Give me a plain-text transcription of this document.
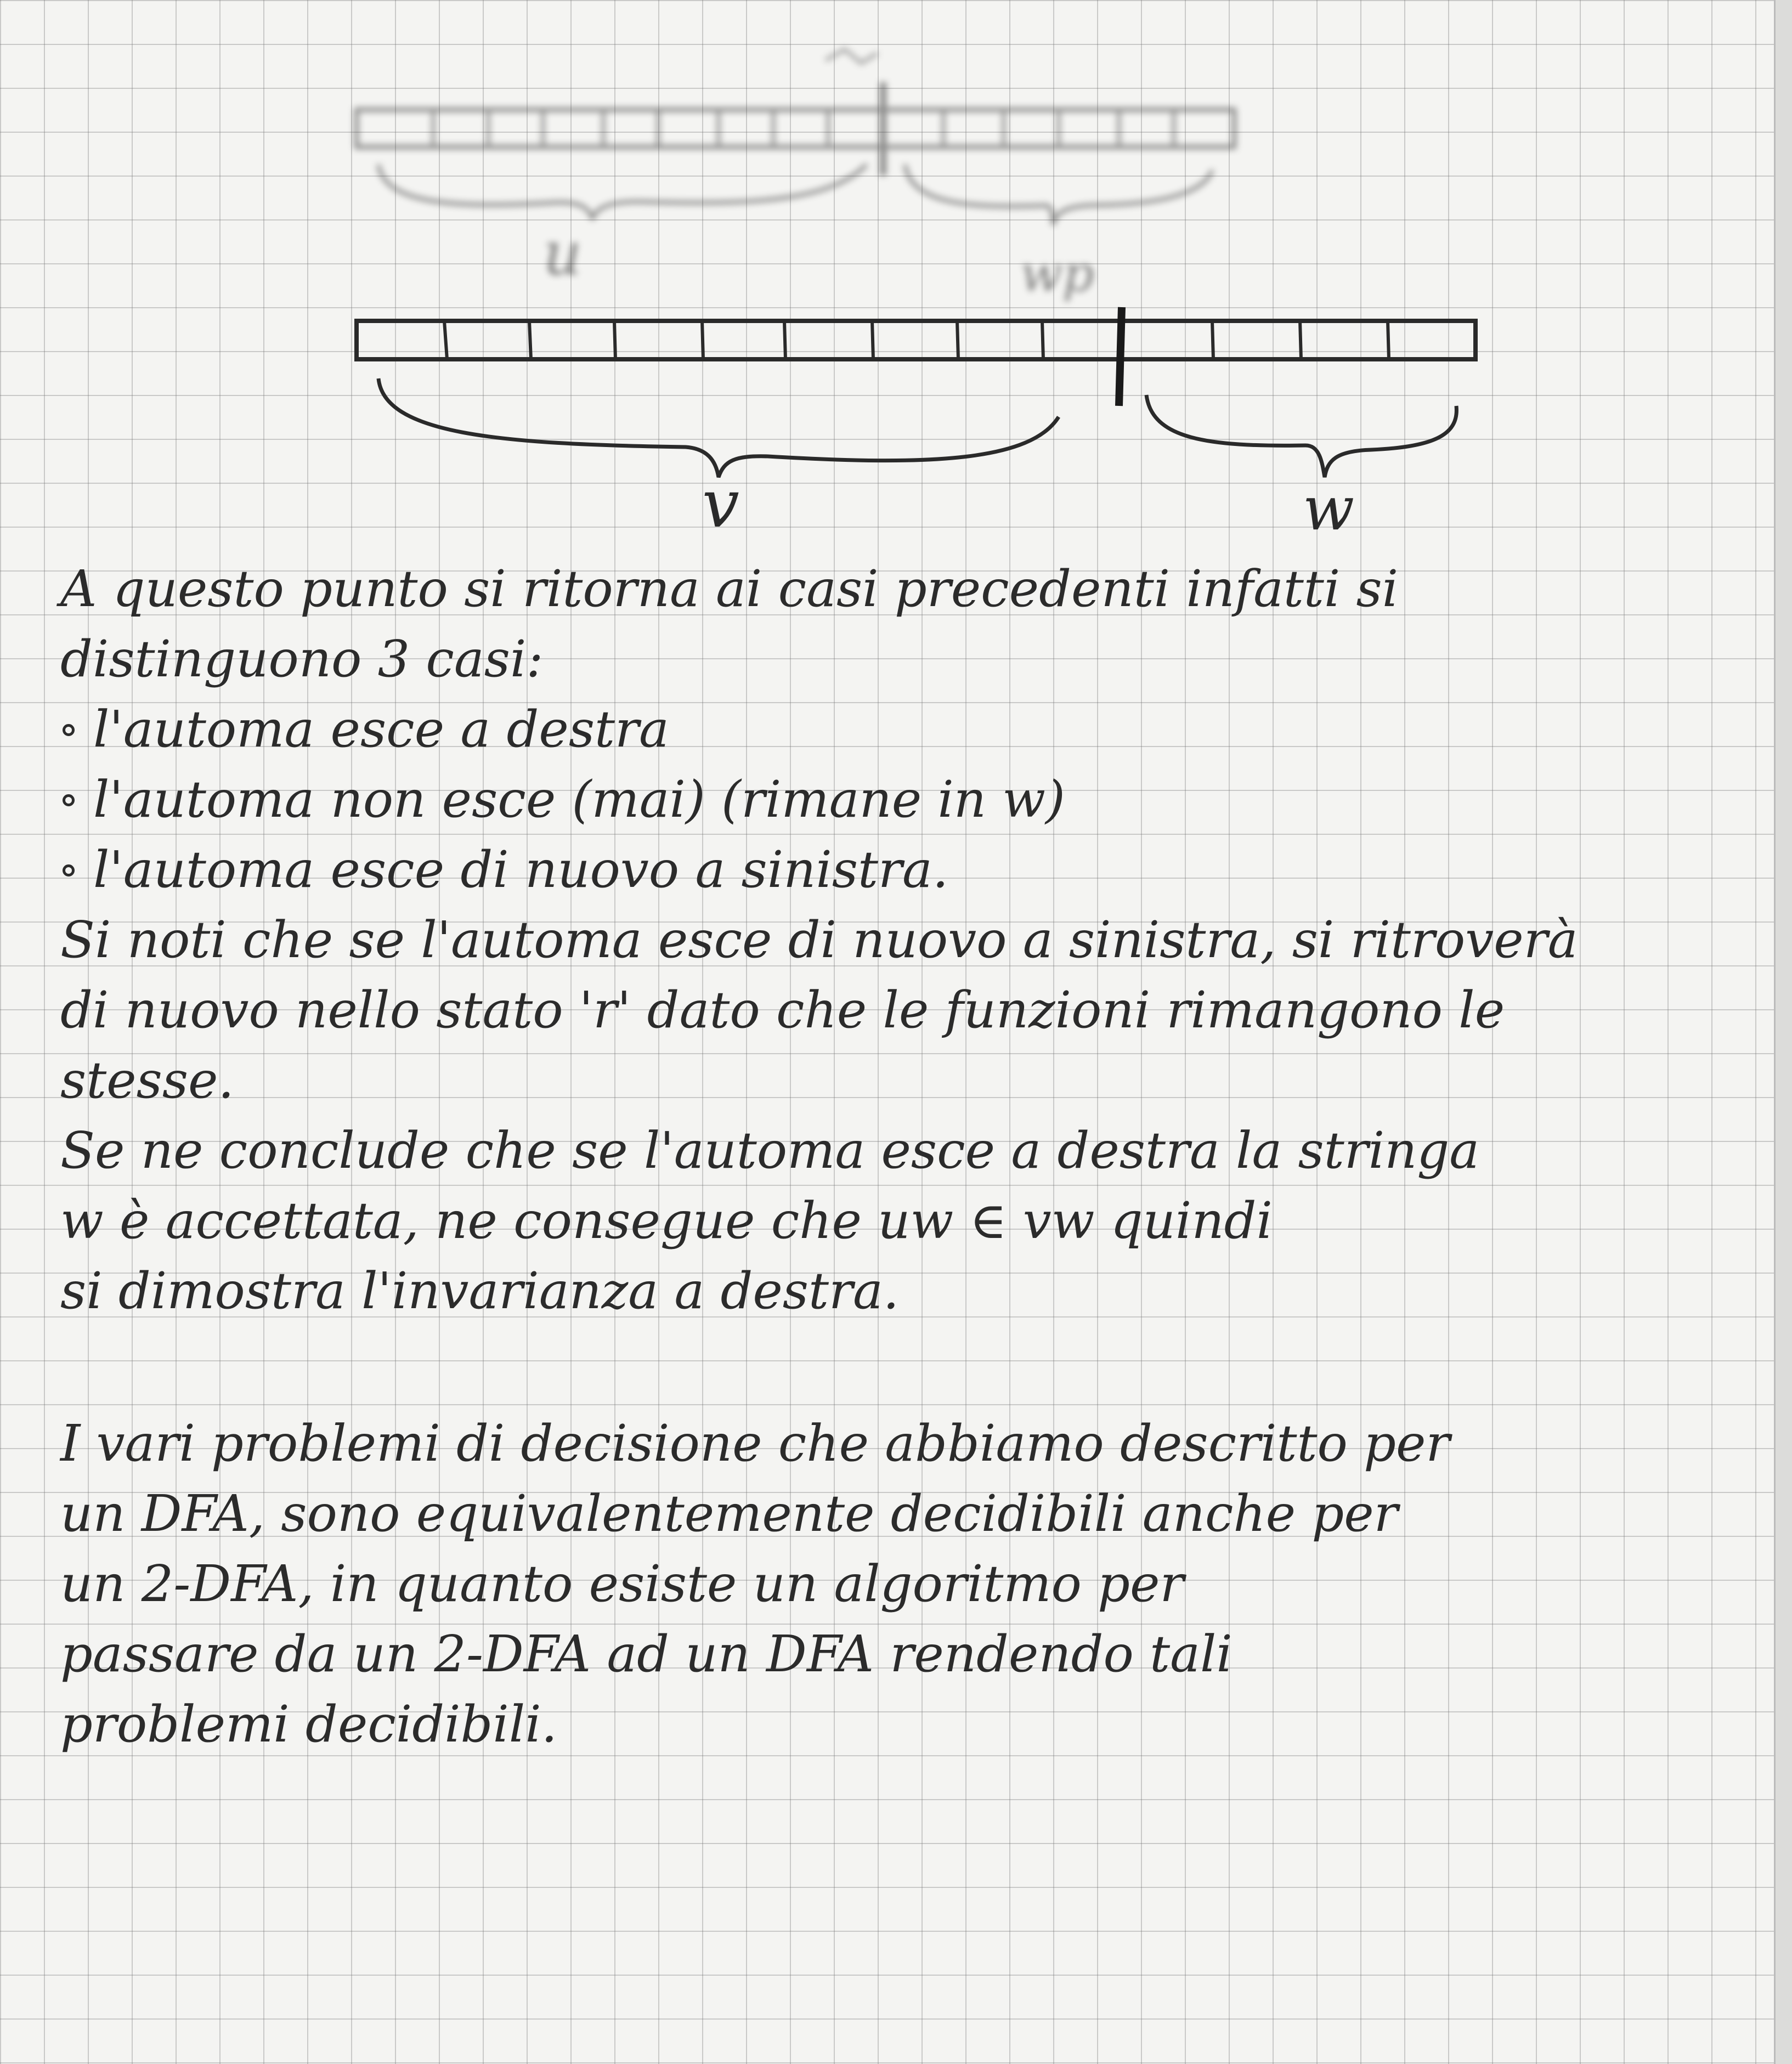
u	wp
v	w
A questo punto si ritorna ai casi precedenti infatti si
distinguono 3 casi:
l'automa esce a destra
l'automa non esce (mai) (rimane in w)
l'automa esce di nuovo a sinistra.
Si noti che se l'automa esce di nuovo a sinistra, si ritroverà
di nuovo nello stato 'r' dato che le funzioni rimangono le
stesse.
Se ne conclude che se l'automa esce a destra la stringa
w è accettata, ne consegue che uw ∈ vw quindi
si dimostra l'invarianza a destra.
I vari problemi di decisione che abbiamo descritto per
un DFA, sono equivalentemente decidibili anche per
un 2-DFA, in quanto esiste un algoritmo per
passare da un 2-DFA ad un DFA rendendo tali
problemi decidibili.
